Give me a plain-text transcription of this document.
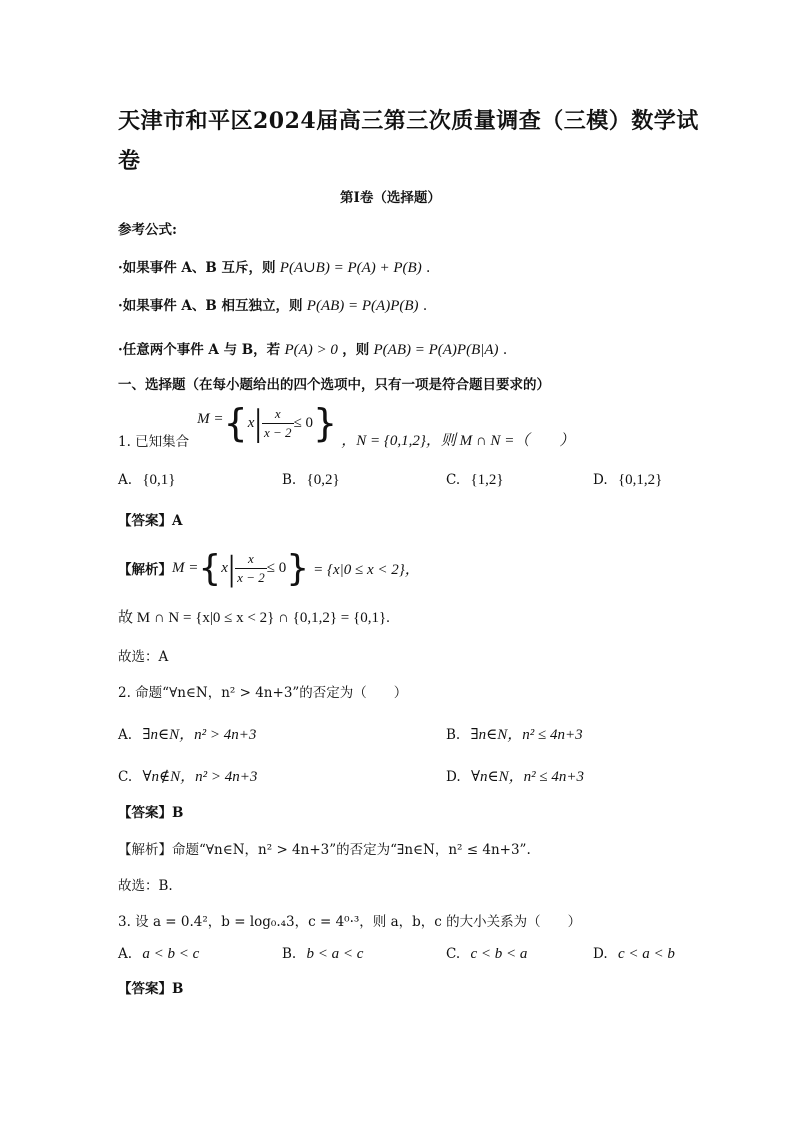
天津市和平区2024届高三第三次质量调查（三模）数学试
卷
第Ⅰ卷（选择题）
参考公式:
·如果事件 A、B 互斥，则 P(A∪B) = P(A) + P(B) .
·如果事件 A、B 相互独立，则 P(AB) = P(A)P(B) .
·任意两个事件 A 与 B，若 P(A) > 0 ，则 P(AB) = P(A)P(B|A) .
一、选择题（在每小题给出的四个选项中，只有一项是符合题目要求的）
1. 已知集合
M = { x | $\frac{x}{x - 2} \le 0$ } ，N = {0,1,2} ，则 M ∩ N =（　　）
A. {0,1}	B. {0,2}	C. {1,2}	D. {0,1,2}
【答案】A
【解析】 M = { x | $\frac{x}{x - 2} \le 0$ } = {x|0 ≤ x < 2}，
故 M ∩ N = {x|0 ≤ x < 2} ∩ {0,1,2} = {0,1}.
故选：A
2. 命题“∀n∈N，n² > 4n+3”的否定为（　　）
A. ∃n∈N，n² > 4n+3	B. ∃n∈N，n² ≤ 4n+3
C. ∀n∉N，n² > 4n+3	D. ∀n∈N，n² ≤ 4n+3
【答案】B
【解析】命题“∀n∈N，n² > 4n+3”的否定为“∃n∈N，n² ≤ 4n+3”.
故选：B.
3. 设 a = 0.4²，b = log₀.₄3，c = 4⁰·³，则 a，b，c 的大小关系为（　　）
A. a < b < c	B. b < a < c	C. c < b < a	D. c < a < b
【答案】B
